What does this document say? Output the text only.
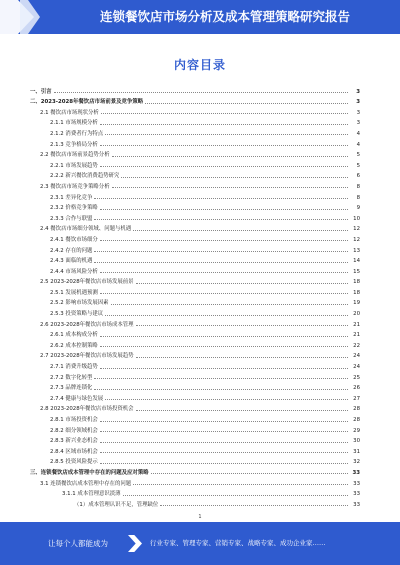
连锁餐饮店市场分析及成本管理策略研究报告
内容目录
一、引言	3
二、2023-2028年餐饮店市场前景及竞争策略	3
2.1 餐饮店市场现状分析	3
2.1.1 市场规模分析	3
2.1.2 消费者行为特点	4
2.1.3 竞争格局分析	4
2.2 餐饮店市场前景趋势分析	5
2.2.1 市场发展趋势	5
2.2.2 新兴餐饮消费趋势研究	6
2.3 餐饮店市场竞争策略分析	8
2.3.1 差异化竞争	8
2.3.2 价格竞争策略	9
2.3.3 合作与联盟	10
2.4 餐饮店市场细分领域、问题与机遇	12
2.4.1 餐饮市场细分	12
2.4.2 存在的问题	13
2.4.3 面临的机遇	14
2.4.4 市场风险分析	15
2.5 2023-2028年餐饮店市场发展前景	18
2.5.1 发展机遇预测	18
2.5.2 影响市场发展因素	19
2.5.3 投资策略与建议	20
2.6 2023-2028年餐饮店市场成本管理	21
2.6.1 成本构成分析	21
2.6.2 成本控制策略	22
2.7 2023-2028年餐饮店市场发展趋势	24
2.7.1 消费升级趋势	24
2.7.2 数字化转型	25
2.7.3 品牌连锁化	26
2.7.4 健康与绿色发展	27
2.8 2023-2028年餐饮店市场投资机会	28
2.8.1 市场投资机会	28
2.8.2 细分领域机会	29
2.8.3 新兴业态机会	30
2.8.4 区域市场机会	31
2.8.5 投资风险提示	32
三、连锁餐饮店成本管理中存在的问题及应对策略	33
3.1 连锁餐饮店成本管理中存在的问题	33
3.1.1 成本管理意识淡薄	33
（1）成本管理认识不足，管理缺位	33
1
让每个人都能成为	行业专家、管理专家、营销专家、战略专家、成功企业家……
